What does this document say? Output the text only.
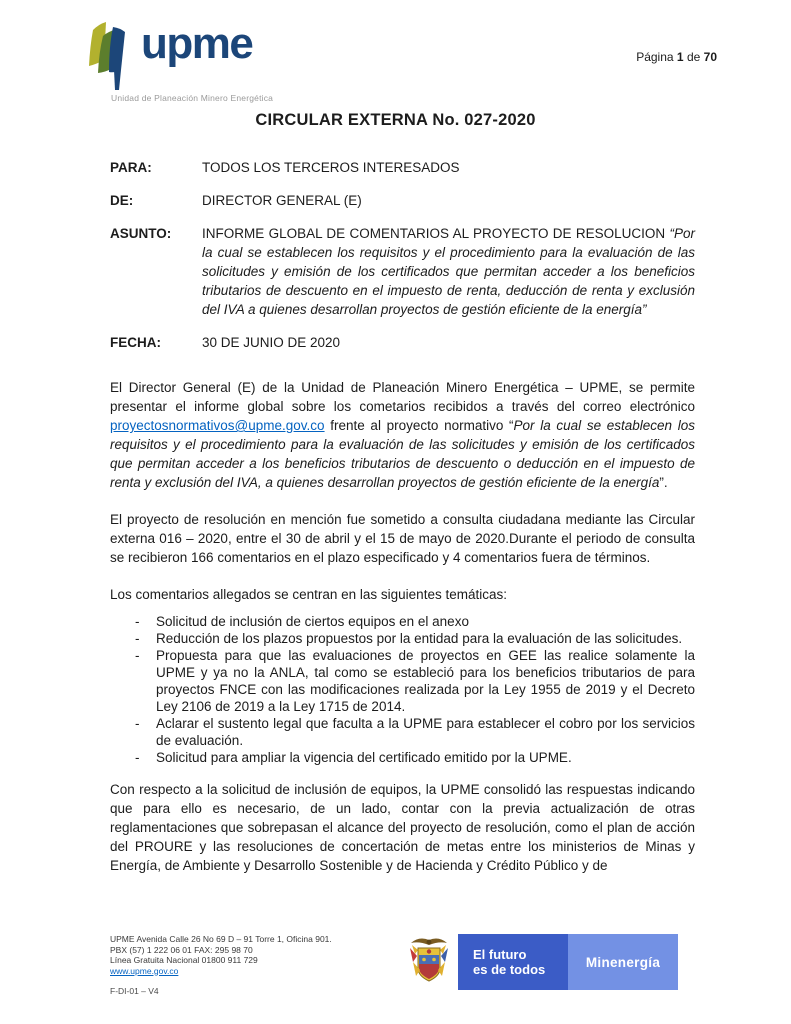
upme
Unidad de Planeación Minero Energética
Página 1 de 70
CIRCULAR EXTERNA No. 027-2020
PARA:	TODOS LOS TERCEROS INTERESADOS
DE:	DIRECTOR GENERAL (E)
ASUNTO:	INFORME GLOBAL DE COMENTARIOS AL PROYECTO DE RESOLUCION “Por la cual se establecen los requisitos y el procedimiento para la evaluación de las solicitudes y emisión de los certificados que permitan acceder a los beneficios tributarios de descuento en el impuesto de renta, deducción de renta y exclusión del IVA a quienes desarrollan proyectos de gestión eficiente de la energía”
FECHA:	30 DE JUNIO DE 2020

El Director General (E) de la Unidad de Planeación Minero Energética – UPME, se permite presentar el informe global sobre los cometarios recibidos a través del correo electrónico proyectosnormativos@upme.gov.co frente al proyecto normativo “Por la cual se establecen los requisitos y el procedimiento para la evaluación de las solicitudes y emisión de los certificados que permitan acceder a los beneficios tributarios de descuento o deducción en el impuesto de renta y exclusión del IVA, a quienes desarrollan proyectos de gestión eficiente de la energía”.

El proyecto de resolución en mención fue sometido a consulta ciudadana mediante las Circular externa 016 – 2020, entre el 30 de abril y el 15 de mayo de 2020.Durante el periodo de consulta se recibieron 166 comentarios en el plazo especificado y 4 comentarios fuera de términos.

Los comentarios allegados se centran en las siguientes temáticas:

- Solicitud de inclusión de ciertos equipos en el anexo
- Reducción de los plazos propuestos por la entidad para la evaluación de las solicitudes.
- Propuesta para que las evaluaciones de proyectos en GEE las realice solamente la UPME y ya no la ANLA, tal como se estableció para los beneficios tributarios de para proyectos FNCE con las modificaciones realizada por la Ley 1955 de 2019 y el Decreto Ley 2106 de 2019 a la Ley 1715 de 2014.
- Aclarar el sustento legal que faculta a la UPME para establecer el cobro por los servicios de evaluación.
- Solicitud para ampliar la vigencia del certificado emitido por la UPME.

Con respecto a la solicitud de inclusión de equipos, la UPME consolidó las respuestas indicando que para ello es necesario, de un lado, contar con la previa actualización de otras reglamentaciones que sobrepasan el alcance del proyecto de resolución, como el plan de acción del PROURE y las resoluciones de concertación de metas entre los ministerios de Minas y Energía, de Ambiente y Desarrollo Sostenible y de Hacienda y Crédito Público y de

UPME Avenida Calle 26 No 69 D – 91 Torre 1, Oficina 901.
PBX (57) 1 222 06 01 FAX: 295 98 70
Línea Gratuita Nacional 01800 911 729
www.upme.gov.co
F-DI-01 – V4
El futuro
es de todos	Minenergía
